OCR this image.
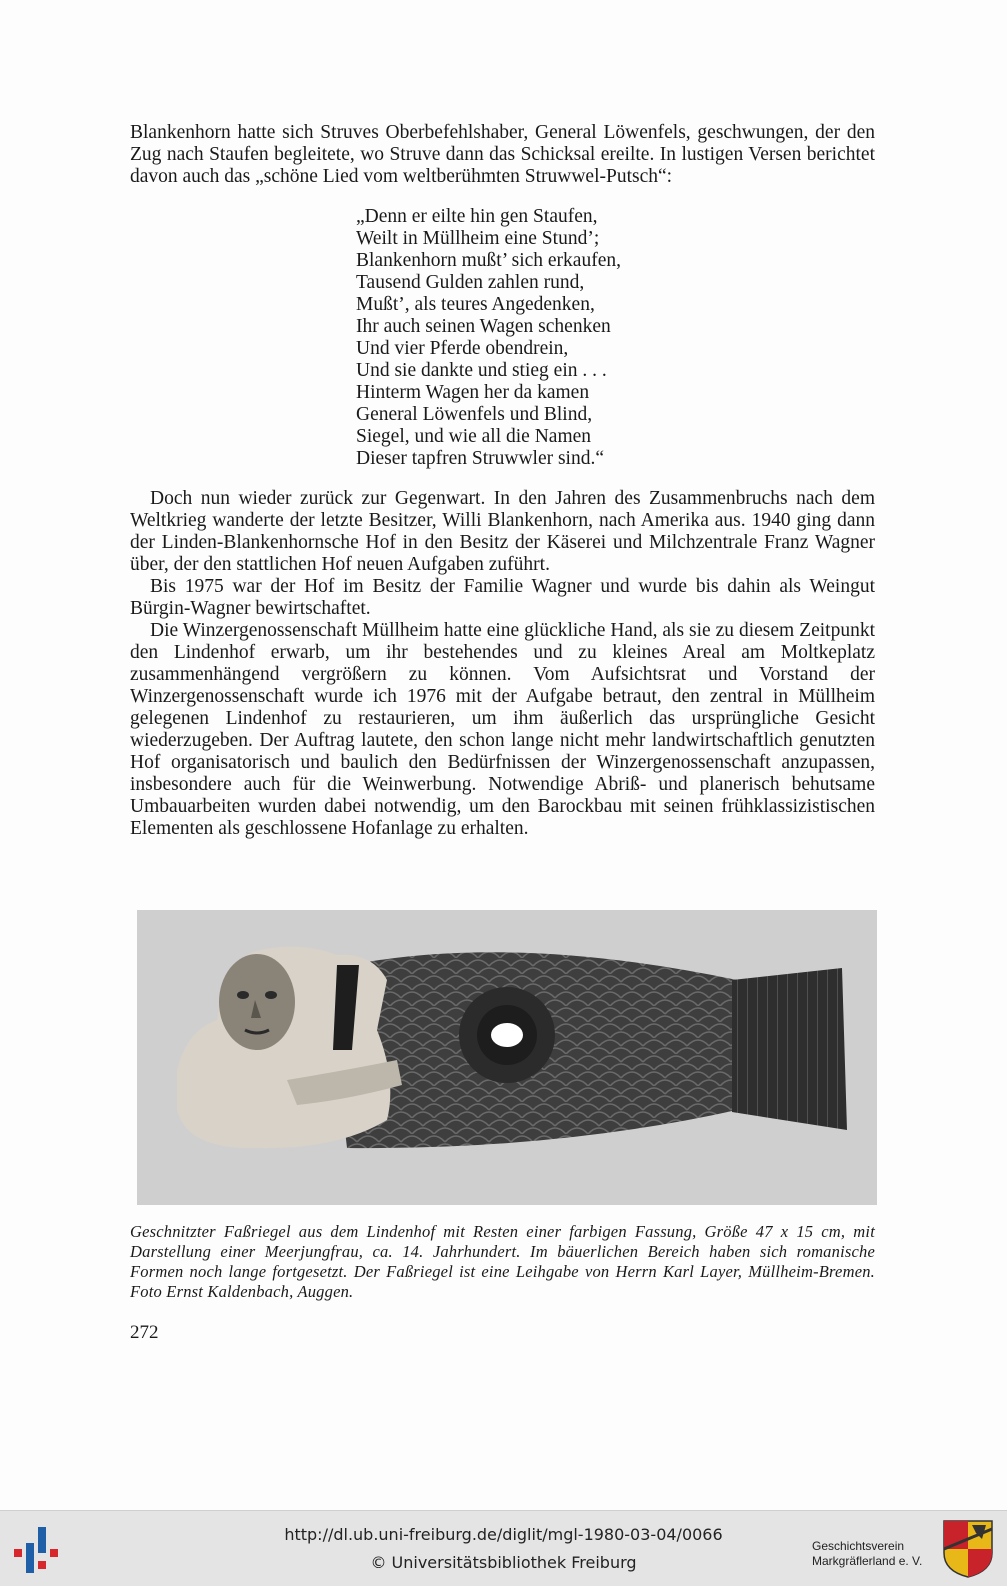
Blankenhorn hatte sich Struves Oberbefehlshaber, General Löwenfels, geschwungen, der den Zug nach Staufen begleitete, wo Struve dann das Schicksal ereilte. In lustigen Versen berichtet davon auch das „schöne Lied vom weltberühmten Struwwel-Putsch“:

„Denn er eilte hin gen Staufen,
Weilt in Müllheim eine Stund’;
Blankenhorn mußt’ sich erkaufen,
Tausend Gulden zahlen rund,
Mußt’, als teures Angedenken,
Ihr auch seinen Wagen schenken
Und vier Pferde obendrein,
Und sie dankte und stieg ein . . .
Hinterm Wagen her da kamen
General Löwenfels und Blind,
Siegel, und wie all die Namen
Dieser tapfren Struwwler sind.“

Doch nun wieder zurück zur Gegenwart. In den Jahren des Zusammenbruchs nach dem Weltkrieg wanderte der letzte Besitzer, Willi Blankenhorn, nach Amerika aus. 1940 ging dann der Linden-Blankenhornsche Hof in den Besitz der Käserei und Milchzentrale Franz Wagner über, der den stattlichen Hof neuen Aufgaben zuführt.

Bis 1975 war der Hof im Besitz der Familie Wagner und wurde bis dahin als Weingut Bürgin-Wagner bewirtschaftet.

Die Winzergenossenschaft Müllheim hatte eine glückliche Hand, als sie zu diesem Zeitpunkt den Lindenhof erwarb, um ihr bestehendes und zu kleines Areal am Moltkeplatz zusammenhängend vergrößern zu können. Vom Aufsichtsrat und Vorstand der Winzergenossenschaft wurde ich 1976 mit der Aufgabe betraut, den zentral in Müllheim gelegenen Lindenhof zu restaurieren, um ihm äußerlich das ursprüngliche Gesicht wiederzugeben. Der Auftrag lautete, den schon lange nicht mehr landwirtschaftlich genutzten Hof organisatorisch und baulich den Bedürfnissen der Winzergenossenschaft anzupassen, insbesondere auch für die Weinwerbung. Notwendige Abriß- und planerisch behutsame Umbauarbeiten wurden dabei notwendig, um den Barockbau mit seinen frühklassizistischen Elementen als geschlossene Hofanlage zu erhalten.

Geschnitzter Faßriegel aus dem Lindenhof mit Resten einer farbigen Fassung, Größe 47 x 15 cm, mit Darstellung einer Meerjungfrau, ca. 14. Jahrhundert. Im bäuerlichen Bereich haben sich romanische Formen noch lange fortgesetzt. Der Faßriegel ist eine Leihgabe von Herrn Karl Layer, Müllheim-Bremen. Foto Ernst Kaldenbach, Auggen.
272
http://dl.ub.uni-freiburg.de/diglit/mgl-1980-03-04/0066
© Universitätsbibliothek Freiburg
Geschichtsverein
Markgräflerland e. V.
